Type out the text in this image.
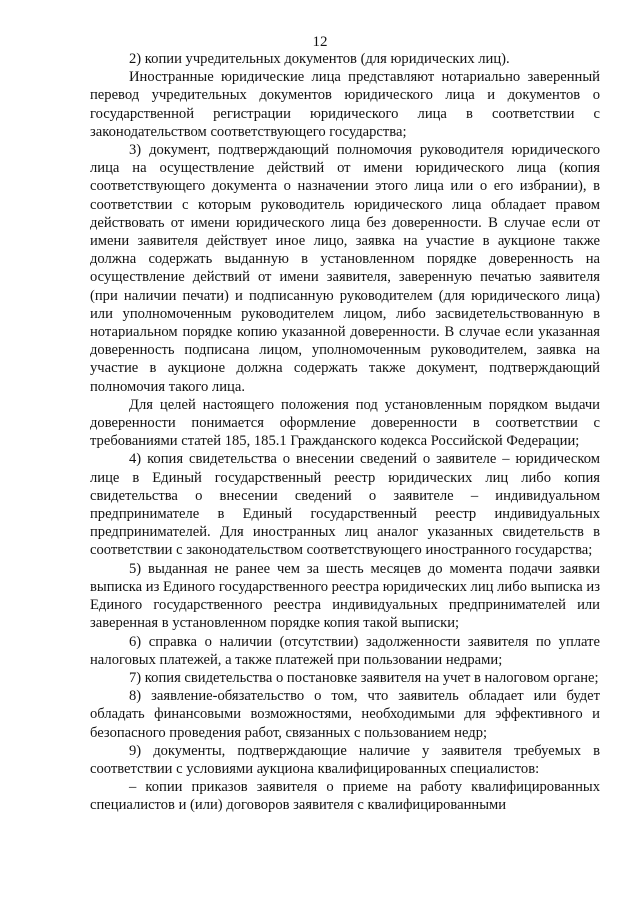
12

2) копии учредительных документов (для юридических лиц).

Иностранные юридические лица представляют нотариально заверенный перевод учредительных документов юридического лица и документов о государственной регистрации юридического лица в соответствии с законодательством соответствующего государства;

3) документ, подтверждающий полномочия руководителя юридического лица на осуществление действий от имени юридического лица (копия соответствующего документа о назначении этого лица или о его избрании), в соответствии с которым руководитель юридического лица обладает правом действовать от имени юридического лица без доверенности. В случае если от имени заявителя действует иное лицо, заявка на участие в аукционе также должна содержать выданную в установленном порядке доверенность на осуществление действий от имени заявителя, заверенную печатью заявителя (при наличии печати) и подписанную руководителем (для юридического лица) или уполномоченным руководителем лицом, либо засвидетельствованную в нотариальном порядке копию указанной доверенности. В случае если указанная доверенность подписана лицом, уполномоченным руководителем, заявка на участие в аукционе должна содержать также документ, подтверждающий полномочия такого лица.

Для целей настоящего положения под установленным порядком выдачи доверенности понимается оформление доверенности в соответствии с требованиями статей 185, 185.1 Гражданского кодекса Российской Федерации;

4) копия свидетельства о внесении сведений о заявителе – юридическом лице в Единый государственный реестр юридических лиц либо копия свидетельства о внесении сведений о заявителе – индивидуальном предпринимателе в Единый государственный реестр индивидуальных предпринимателей. Для иностранных лиц аналог указанных свидетельств в соответствии с законодательством соответствующего иностранного государства;

5) выданная не ранее чем за шесть месяцев до момента подачи заявки выписка из Единого государственного реестра юридических лиц либо выписка из Единого государственного реестра индивидуальных предпринимателей или заверенная в установленном порядке копия такой выписки;

6) справка о наличии (отсутствии) задолженности заявителя по уплате налоговых платежей, а также платежей при пользовании недрами;

7) копия свидетельства о постановке заявителя на учет в налоговом органе;

8) заявление-обязательство о том, что заявитель обладает или будет обладать финансовыми возможностями, необходимыми для эффективного и безопасного проведения работ, связанных с пользованием недр;

9) документы, подтверждающие наличие у заявителя требуемых в соответствии с условиями аукциона квалифицированных специалистов:

– копии приказов заявителя о приеме на работу квалифицированных специалистов и (или) договоров заявителя с квалифицированными
